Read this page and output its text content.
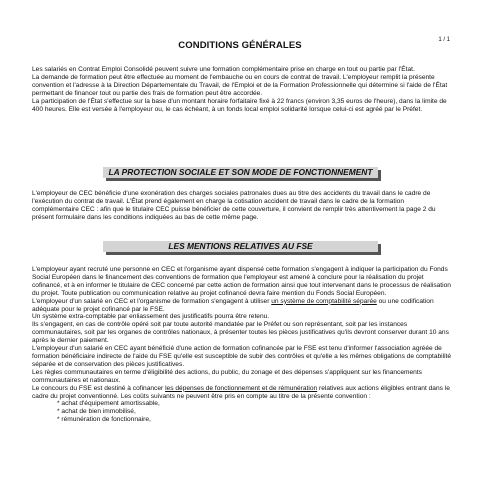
CONDITIONS GÉNÉRALES	1 / 1

Les salariés en Contrat Emploi Consolidé peuvent suivre une formation complémentaire prise en charge en tout ou partie par l'État.

La demande de formation peut être effectuée au moment de l'embauche ou en cours de contrat de travail. L'employeur remplit la présente convention et l'adresse à la Direction Départementale du Travail, de l'Emploi et de la Formation Professionnelle qui détermine si l'aide de l'État permettant de financer tout ou partie des frais de formation peut être accordée.

La participation de l'État s'effectue sur la base d'un montant horaire forfaitaire fixé à 22 francs (environ 3,35 euros de l'heure), dans la limite de 400 heures. Elle est versée à l'employeur ou, le cas échéant, à un fonds local emploi solidarité lorsque celui-ci est agréé par le Préfet.

LA PROTECTION SOCIALE ET SON MODE DE FONCTIONNEMENT

L'employeur de CEC bénéficie d'une exonération des charges sociales patronales dues au titre des accidents du travail dans le cadre de l'exécution du contrat de travail. L'État prend également en charge la cotisation accident de travail dans le cadre de la formation complémentaire CEC : afin que le titulaire CEC puisse bénéficier de cette couverture, il convient de remplir très attentivement la page 2 du présent formulaire dans les conditions indiquées au bas de cette même page.

LES MENTIONS RELATIVES AU FSE

L'employeur ayant recruté une personne en CEC et l'organisme ayant dispensé cette formation s'engagent à indiquer la participation du Fonds Social Européen dans le financement des conventions de formation que l'employeur est amené à conclure pour la réalisation du projet cofinancé, et à en informer le titulaire de CEC concerné par cette action de formation ainsi que tout intervenant dans le processus de réalisation du projet. Toute publication ou communication relative au projet cofinancé devra faire mention du Fonds Social Européen.

L'employeur d'un salarié en CEC et l'organisme de formation s'engagent à utiliser un système de comptabilité séparée ou une codification adéquate pour le projet cofinancé par le FSE.

Un système extra-comptable par enliassement des justificatifs pourra être retenu.

Ils s'engagent, en cas de contrôle opéré soit par toute autorité mandatée par le Préfet ou son représentant, soit par les instances communautaires, soit par les organes de contrôles nationaux, à présenter toutes les pièces justificatives qu'ils devront conserver durant 10 ans après le dernier paiement.

L'employeur d'un salarié en CEC ayant bénéficié d'une action de formation cofinancée par le FSE est tenu d'informer l'association agréée de formation bénéficiaire indirecte de l'aide du FSE qu'elle est susceptible de subir des contrôles et qu'elle a les mêmes obligations de comptabilité séparée et de conservation des pièces justificatives.

Les règles communautaires en terme d'éligibilité des actions, du public, du zonage et des dépenses s'appliquent sur les financements communautaires et nationaux.

Le concours du FSE est destiné à cofinancer les dépenses de fonctionnement et de rémunération relatives aux actions éligibles entrant dans le cadre du projet conventionné. Les coûts suivants ne peuvent être pris en compte au titre de la présente convention :

* achat d'équipement amortissable,

* achat de bien immobilisé,

* rémunération de fonctionnaire,
